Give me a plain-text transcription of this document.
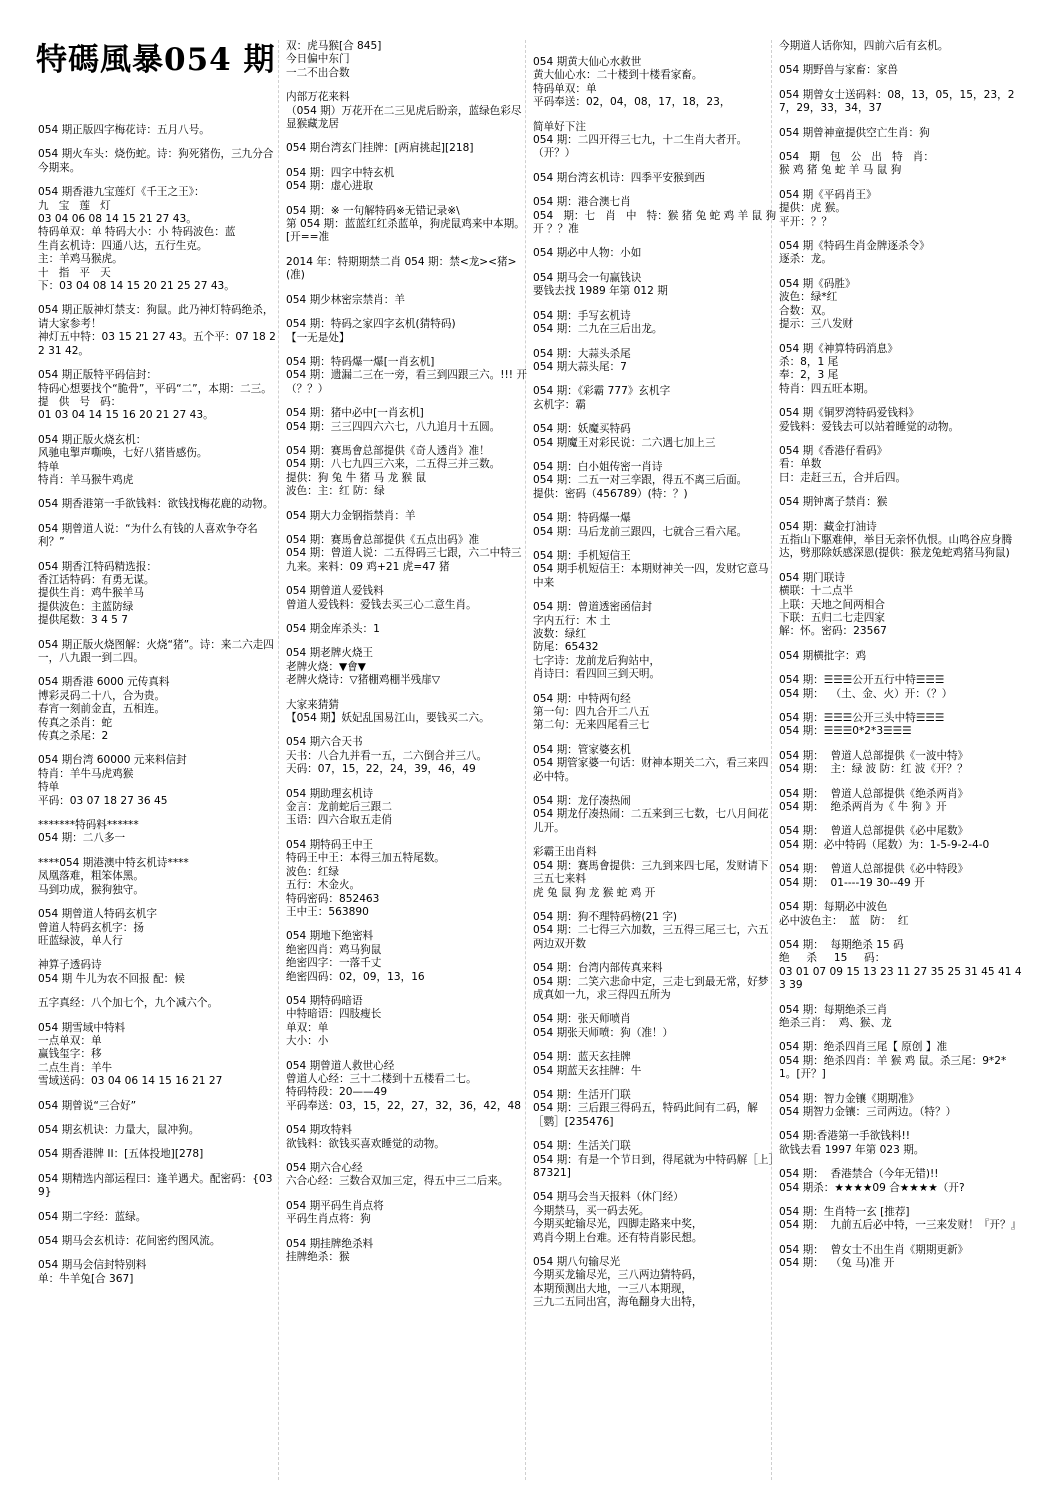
特碼風暴054 期
054 期正版四字梅花诗：五月八号。
054 期火车头：烧伤蛇。诗：狗死猪伤，三九分合今期来。
054 期香港九宝莲灯《千王之王》：
九   宝   莲   灯
03 04 06 08 14 15 21 27 43。
特码单双：单 特码大小：小 特码波色：蓝
生肖玄机诗：四通八达，五行生克。
主：羊鸡马猴虎。
十   指   平   天
下：03 04 08 14 15 20 21 25 27 43。
054 期正版神灯禁支：狗鼠。此乃神灯特码绝杀，请大家参考！
神灯五中特：03 15 21 27 43。五个平：07 18 22 31 42。
054 期正版特平码信封：
特码心想要找个“脆骨”，平码“二”，本期：二三。
提   供   号   码：
01 03 04 14 15 16 20 21 27 43。
054 期正版火烧玄机：
风驰电掣声嘶唤，七好八猪皆感伤。
特单
特肖：羊马猴牛鸡虎
054 期香港第一手欲钱料：欲钱找梅花鹿的动物。
054 期曾道人说：“为什么有钱的人喜欢争夺名利？”
054 期香江特码精选报：
香江话特码：有勇无谋。
提供生肖：鸡牛猴羊马
提供波色：主蓝防绿
提供尾数：3 4 5 7
054 期正版火烧图解：火烧“猪”。诗：来二六走四一，八九跟一到二四。
054 期香港 6000 元传真料
博彩灵码二十八，合为贵。
春宵一刻前金直，五相连。
传真之杀肖：蛇
传真之杀尾：2
054 期台湾 60000 元来料信封
特肖：羊牛马虎鸡猴
特单
平码：03 07 18 27 36 45
*******特码料******
054 期：二八多一
****054 期港澳中特玄机诗****
凤凰落难，粗笨体黑。
马到功成，猴狗独守。
054 期曾道人特码玄机字
曾道人特码玄机字：扬
旺蓝绿波，单人行
神算子透码诗
054 期 牛儿为农不回报 配：候
五字真经：八个加七个，九个减六个。
054 期雪域中特料
一点单双：单
赢钱玺字：移
二点生肖：羊牛
雪域送码：03 04 06 14 15 16 21 27
054 期曾说“三合好”
054 期玄机诀：力量大，鼠冲狗。
054 期香港牌 II：[五体投地][278]
054 期精选内部运程曰：逢羊遇犬。配密码：{039}
054 期二字经：蓝绿。
054 期马会玄机诗：花间密约图风流。
054 期马会信封特别料
单：牛羊兔[合 367]
双：虎马猴[合 845]
今日偏中东门
一二不出合数
内部万花来料
（054 期）万花开在二三见虎后盼亲，蓝绿色彩尽显猴藏龙居
054 期台湾玄门挂牌：[两肩挑起][218]
054 期：四字中特玄机
054 期：虚心进取
054 期：※ 一句解特码※无错记录※\
第 054 期：蓝蓝红红杀蓝单，狗虎鼠鸡来中本期。[开==准
2014 年：特期期禁二肖 054 期：禁<龙><猪>(准)
054 期少林密宗禁肖：羊
054 期：特码之家四字玄机(猜特码)
【一无是处】
054 期：特码爆一爆[一肖玄机]
054 期：遗漏二三在一旁，看三到四跟三六。!!! 开 （？？）
054 期：猪中必中[一肖玄机]
054 期：三三四四六六七，八九追月十五圆。
054 期：赛馬會总部提供《奇人透肖》准！
054 期：八七九四三六来，二五得三并三数。
提供：狗 兔 牛 猪 马 龙 猴 鼠
波色：主：红 防：绿
054 期大力金钢指禁肖：羊
054 期：赛馬會总部提供《五点出码》准
054 期：曾道人说：二五得码三七跟，六二中特三九来。来料：09 鸡+21 虎=47 猪
054 期曾道人爱钱料
曾道人爱钱料：爱钱去买三心二意生肖。
054 期金库杀头：1
054 期老牌火烧王
老牌火烧：▼會▼
老牌火烧诗：▽猪棚鸡棚半残扉▽
大家来猜猜
【054 期】妖妃乱国易江山，要钱买二六。
054 期六合天书
天书：八合九并看一五，二六倒合并三八。
天码：07，15，22，24，39，46，49
054 期助理玄机诗
金言：龙前蛇后三跟二
玉语：四六合取五走俏
054 期特码王中王
特码王中王：本得三加五特尾数。
波色：红绿
五行：木金火。
特码密码：852463
王中王：563890
054 期地下绝密料
绝密四肖：鸡马狗鼠
绝密四字：一落千丈
绝密四码：02，09，13，16
054 期特码暗语
中特暗语：四肢瘦长
单双：单
大小：小
054 期曾道人救世心经
曾道人心经：三十二楼到十五楼看二七。
特码特段：20——49
平码奉送：03，15，22，27，32，36，42，48
054 期攻特料
欲钱料：欲钱买喜欢睡觉的动物。
054 期六合心经
六合心经：三数合双加三定，得五中三二后来。
054 期平码生肖点将
平码生肖点将：狗
054 期挂牌绝杀料
挂牌绝杀：猴
054 期黄大仙心水救世
黄大仙心水：二十楼到十楼看家畜。
特码单双：单
平码奉送：02，04，08，17，18，23，
简单好下注
054 期：二四开得三七九，十二生肖大者开。（开？）
054 期台湾玄机诗：四季平安猴到西
054 期：港合澳七肖
054   期：七   肖   中   特：猴 猪 兔 蛇 鸡 羊 鼠 狗 开 ？？准
054 期必中人物：小如
054 期马会一句赢钱诀
要钱去找 1989 年第 012 期
054 期：手写玄机诗
054 期：二九在三后出龙。
054 期：大蒜头杀尾
054 期大蒜头尾：7
054 期：《彩霸 777》玄机字
玄机字：霸
054 期：妖魔买特码
054 期魔王对彩民说：二六遇七加上三
054 期：白小姐传密一肖诗
054 期：二五一对三孪跟，得五不离三后面。
提供：密码（456789）(特：？)
054 期：特码爆一爆
054 期：马后龙前三跟四，七就合三看六尾。
054 期：手机短信王
054 期手机短信王：本期财神关一四，发财它意马中来
054 期：曾道透密函信封
字内五行：木 土
波数：绿红
防尾：65432
七字诗：龙前龙后狗站中，
肖诗曰：看四回三到天明。
054 期：中特两句经
第一句：四九合开二八五
第二句：无来四尾看三七
054 期：管家婆玄机
054 期管家婆一句话：财神本期关二六，看三来四必中特。
054 期：龙仔凑热闹
054 期龙仔凑热闹：二五来到三七数，七八月间花儿开。
彩霸王出肖料
054 期：赛馬會提供：三九到来四七尾，发财请下三五七来料
虎 兔 鼠 狗 龙 猴 蛇 鸡 开
054 期：狗不理特码榜(21 字)
054 期：二七得三六加数，三五得三尾三七，六五两边双开数
054 期：台湾内部传真来料
054 期：二笑六悲命中定，三走七到最无常，好梦成真如一九，求三得四五所为
054 期：张天师喷肖
054 期张天师喷：狗（准！）
054 期：蓝天玄挂牌
054 期蓝天玄挂牌：牛
054 期：生活开门联
054 期：三后跟三得码五，特码此间有二码，解［鹦］[235476]
054 期：生活关门联
054 期：有是一个节日到，得尾就为中特码解［上］87321]
054 期马会当天报料（休门经）
今期禁马，买一码去死。
今期买蛇输尽光，四脚走路来中奖，
鸡肖今期上台难。还有特肖影民想。
054 期八句输尽光
今期买龙输尽光，三八两边猜特码，
本期预测出大地，一三八本期现，
三九二五同出宫，海龟翻身大出特，
今期道人话你知，四前六后有玄机。
054 期野兽与家畜：家兽
054 期曾女士送码料：08，13，05，15，23，27，29，33，34，37
054 期曾神童提供空亡生肖：狗
054   期   包   公   出   特   肖：
猴 鸡 猪 兔 蛇 羊 马 鼠 狗
054 期《平码肖王》
提供：虎 猴。
平开：？？
054 期《特码生肖金牌逐杀令》
逐杀：龙。
054 期《码胜》
波色：绿*红
合数：双。
提示：三八发财
054 期《神算特码消息》
杀：8，1 尾
奉：2，3 尾
特肖：四五旺本期。
054 期《铜罗湾特码爱钱料》
爱钱料：爱钱去可以站着睡觉的动物。
054 期《香港仔看码》
看：单数
曰：走赶三五，合并后四。
054 期钟离子禁肖：猴
054 期：藏金打油诗
五指山下駆难伸，举目无亲怀仇恨。山鸣谷应身腾达，劈那除妖感深恩(提供：猴龙兔蛇鸡猪马狗鼠)
054 期门联诗
横联：十二点半
上联：天地之间两相合
下联：五归二七走四家
解：怀。密码：23567
054 期横批字：鸡
054 期：☰☰☰公开五行中特☰☰☰
054 期：  （土、金、火）开：（？）
054 期：☰☰☰公开三头中特☰☰☰
054 期：☰☰☰0*2*3☰☰☰
054 期：  曾道人总部提供《一波中特》
054 期：  主：绿 波 防：红 波《开？？
054 期：  曾道人总部提供《绝杀两肖》
054 期：  绝杀两肖为《 牛 狗 》开
054 期：  曾道人总部提供《必中尾数》
054 期：必中特码（尾数）为：1-5-9-2-4-0
054 期：  曾道人总部提供《必中特段》
054 期：  01----19 30--49 开
054 期：每期必中波色
必中波色主：  蓝   防：  红
054 期：  每期绝杀 15 码
绝     杀     15     码：
03 01 07 09 15 13 23 11 27 35 25 31 45 41 43 39
054 期：每期绝杀三肖
绝杀三肖：  鸡、猴、龙
054 期：绝杀四肖三尾【 原创 】准
054 期：绝杀四肖：羊 猴 鸡 鼠。杀三尾：9*2*1。[开？]
054 期：智力金镶《期期准》
054 期智力金镶：三司两边。（特？）
054 期:香港第一手欲钱料!!
欲钱去看 1997 年第 023 期。
054 期：  香港禁合（今年无错)!!
054 期杀：★★★★09 合★★★★（开?
054 期：生肖特一玄 [推荐]
054 期：  九前五后必中特，一三来发财！『开？』
054 期：  曾女士不出生肖《期期更新》
054 期：  （兔 马)准 开
